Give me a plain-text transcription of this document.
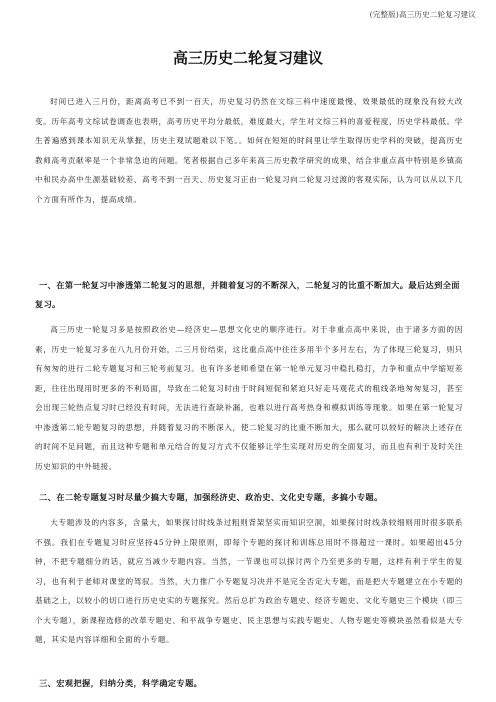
(完整版)高三历史二轮复习建议
高三历史二轮复习建议

时间已进入三月份，距离高考已不到一百天，历史复习仍然在文综三科中速度最慢、效果最低的现象没有较大改变。历年高考文综试卷调查也表明，高考历史平均分最低，难度最大，学生对文综三科的喜爱程度，历史学科最低。学生普遍感到课本知识无从掌握，历史主观试题难以下笔。。如何在短短的时间里让学生取得历史学科的突破，提高历史教师高考贡献率是一个非常急迫的问题。笔者根据自己多年来高三历史教学研究的成果，结合非重点高中特别是乡镇高中和民办高中生源基础较差、高考不到一百天、历史复习正由一轮复习向二轮复习过渡的客观实际，认为可以从以下几个方面有所作为，提高成绩。

一、在第一轮复习中渗透第二轮复习的思想，并随着复习的不断深入，二轮复习的比重不断加大。最后达到全面复习。

高三历史一轮复习多是按照政治史—经济史—思想文化史的顺序进行。对于非重点高中来说，由于诸多方面的因素，历史一轮复习多在八九月份开始，二三月份结束，这比重点高中往往多用半个多月左右，为了体现三轮复习，则只有匆匆的进行二轮专题复习和三轮考前复习。也有许多老师希望在第一轮单元复习中稳扎稳打，力争和重点中学缩短差距，往往出现用时更多的不利局面，导致在二轮复习时由于时间短促和紧迫只好走马观花式的粗线条地匆匆复习，甚至会出现三轮热点复习时已经没有时间，无法进行查缺补漏，也难以进行高考热身和模拟训练等现象。如果在第一轮复习中渗透第二轮专题复习的思想，并随着复习的不断深入，使二轮复习的比重不断加大，那么就可以较好的解决上述存在的时间不足问题，而且这种专题和单元结合的复习方式不仅能够让学生实现对历史的全面复习，而且也有利于及时关注历史知识的中外链接。

二、在二轮专题复习时尽量少搞大专题，加强经济史、政治史、文化史专题，多搞小专题。

大专题涉及的内容多，含量大，如果探讨时线条过粗则背架坚实而知识空洞，如果探讨时线条较细则用时很多联系不强。我们在专题复习时应坚持45分钟上限原则，即每个专题的探讨和训练总用时不得超过一课时。如果超出45分钟，不把专题细分的话，就应当减少专题内容。当然，一节课也可以探讨两个乃至更多的专题，这样有利于学生的复习，也有利于老师对课堂的驾驭。当然，大力推广小专题复习决并不是完全否定大专题，而是把大专题建立在小专题的基础之上，以较小的切口进行历史史实的专题探究。然后总扩为政治专题史、经济专题史、文化专题史三个模块（即三个大专题），新课程选修的改革专题史、和平战争专题史、民主思想与实践专题史、人物专题史等模块虽然看似是大专题，其实是内容详细和全面的小专题。

三、宏观把握，归纳分类，科学确定专题。
